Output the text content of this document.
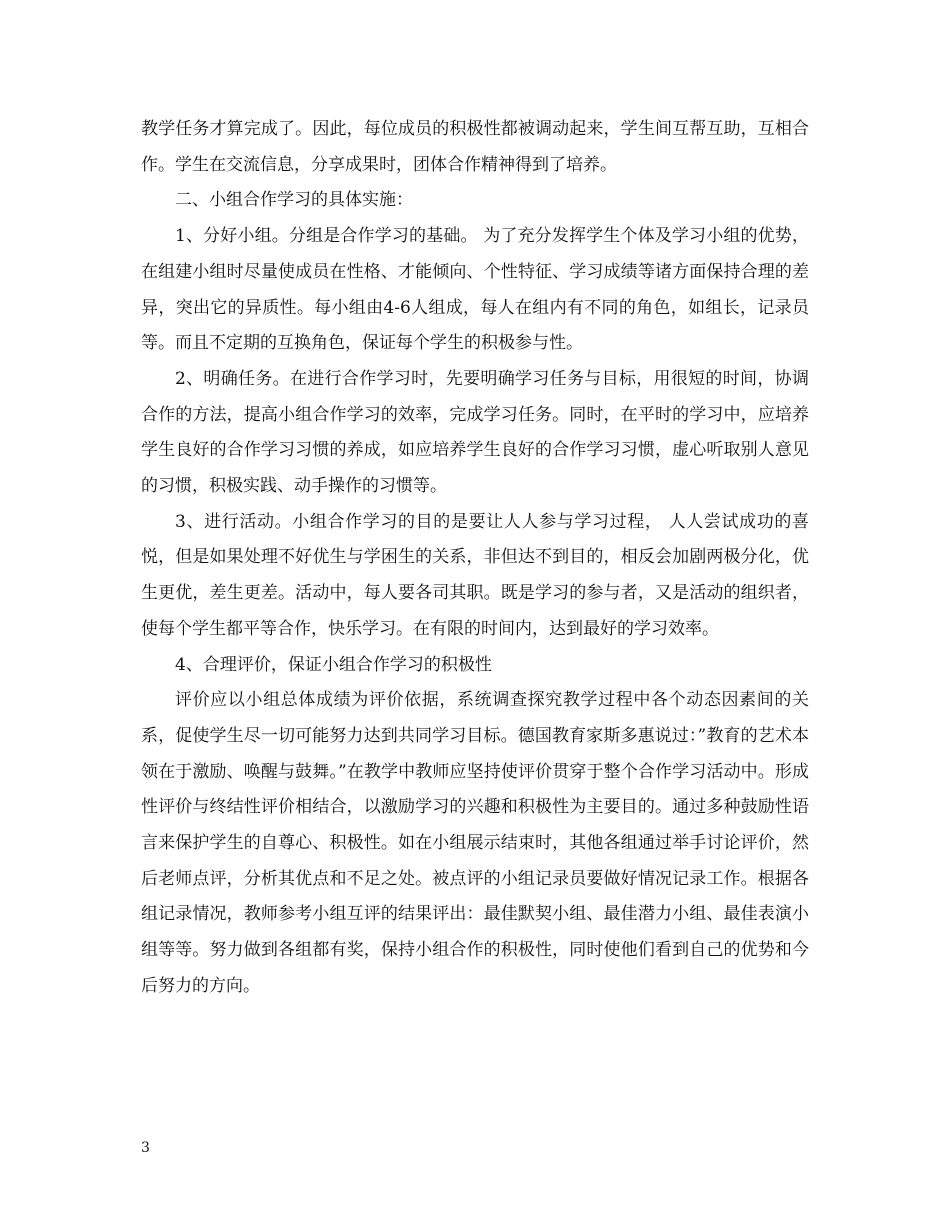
教学任务才算完成了。因此，每位成员的积极性都被调动起来，学生间互帮互助，互相合作。学生在交流信息，分享成果时，团体合作精神得到了培养。

二、小组合作学习的具体实施：

1、分好小组。分组是合作学习的基础。 为了充分发挥学生个体及学习小组的优势，在组建小组时尽量使成员在性格、才能倾向、个性特征、学习成绩等诸方面保持合理的差异，突出它的异质性。每小组由4-6人组成，每人在组内有不同的角色，如组长，记录员等。而且不定期的互换角色，保证每个学生的积极参与性。

2、明确任务。在进行合作学习时，先要明确学习任务与目标，用很短的时间，协调合作的方法，提高小组合作学习的效率，完成学习任务。同时，在平时的学习中，应培养学生良好的合作学习习惯的养成，如应培养学生良好的合作学习习惯，虚心听取别人意见的习惯，积极实践、动手操作的习惯等。

3、进行活动。小组合作学习的目的是要让人人参与学习过程， 人人尝试成功的喜悦，但是如果处理不好优生与学困生的关系，非但达不到目的，相反会加剧两极分化，优生更优，差生更差。活动中，每人要各司其职。既是学习的参与者，又是活动的组织者，使每个学生都平等合作，快乐学习。在有限的时间内，达到最好的学习效率。

4、合理评价，保证小组合作学习的积极性

评价应以小组总体成绩为评价依据，系统调查探究教学过程中各个动态因素间的关系，促使学生尽一切可能努力达到共同学习目标。德国教育家斯多惠说过：”教育的艺术本领在于激励、唤醒与鼓舞。”在教学中教师应坚持使评价贯穿于整个合作学习活动中。形成性评价与终结性评价相结合，以激励学习的兴趣和积极性为主要目的。通过多种鼓励性语言来保护学生的自尊心、积极性。如在小组展示结束时，其他各组通过举手讨论评价，然后老师点评，分析其优点和不足之处。被点评的小组记录员要做好情况记录工作。根据各组记录情况，教师参考小组互评的结果评出：最佳默契小组、最佳潜力小组、最佳表演小组等等。努力做到各组都有奖，保持小组合作的积极性，同时使他们看到自己的优势和今后努力的方向。

3
